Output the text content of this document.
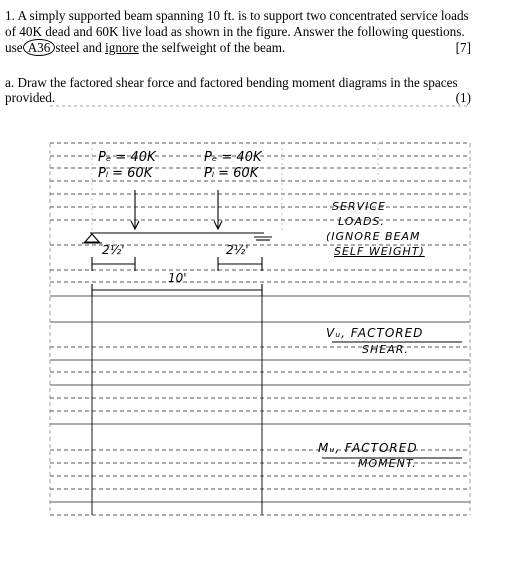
1. A simply supported beam spanning 10 ft. is to support two concentrated service loads
of 40K dead and 60K live load as shown in the figure. Answer the following questions.
use A36 steel and ignore the selfweight of the beam.	[7]
a. Draw the factored shear force and factored bending moment diagrams in the spaces
provided.	(1)
Pₑ = 40K
Pₗ = 60K
Pₑ = 40K
Pₗ = 60K
2½'	2½'
10'
SERVICE
LOADS.
(IGNORE BEAM
SELF WEIGHT)
Vᵤ, FACTORED
SHEAR.
Mᵤ, FACTORED
MOMENT.
